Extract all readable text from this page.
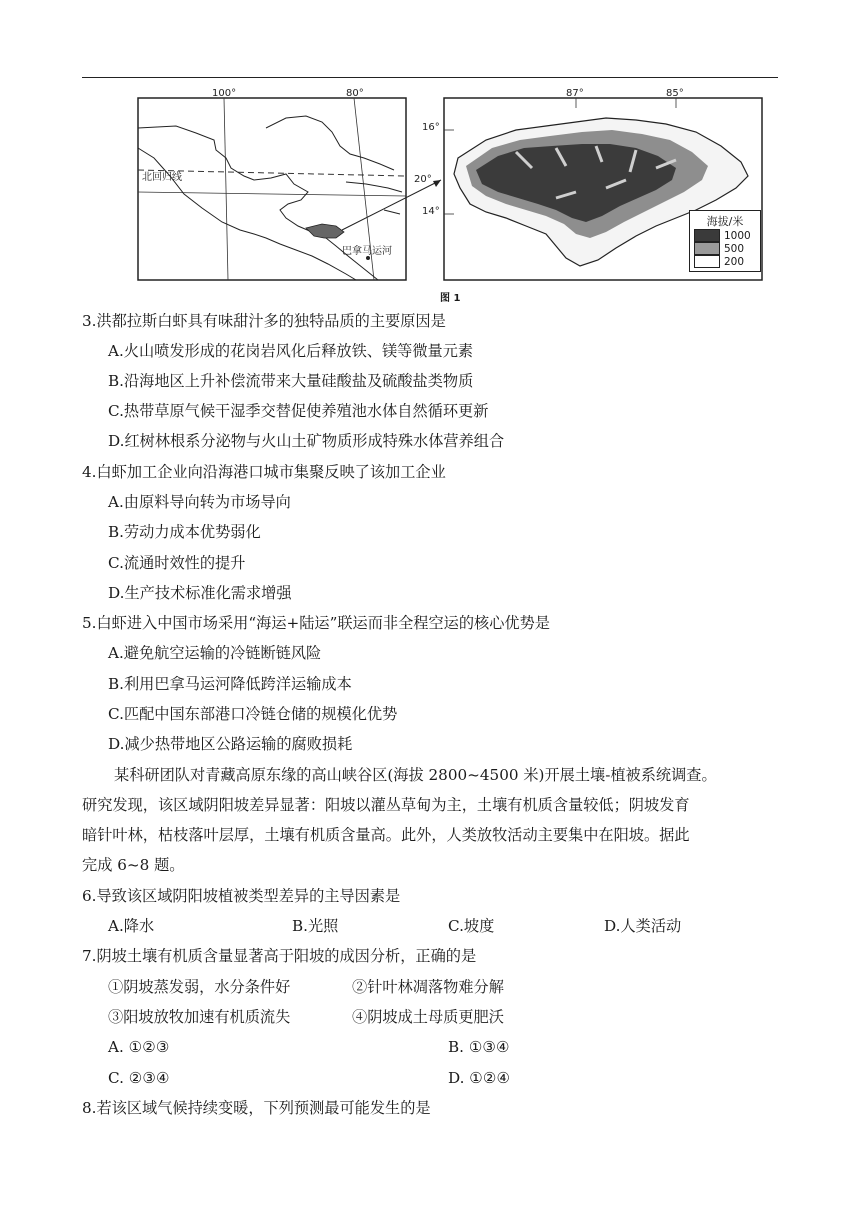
100°	80°
北回归线
巴拿马运河
20°
87°	85°
16°
14°
海拔/米
1000
500
200
图 1
3.洪都拉斯白虾具有味甜汁多的独特品质的主要原因是
A.火山喷发形成的花岗岩风化后释放铁、镁等微量元素
B.沿海地区上升补偿流带来大量硅酸盐及硫酸盐类物质
C.热带草原气候干湿季交替促使养殖池水体自然循环更新
D.红树林根系分泌物与火山土矿物质形成特殊水体营养组合
4.白虾加工企业向沿海港口城市集聚反映了该加工企业
A.由原料导向转为市场导向
B.劳动力成本优势弱化
C.流通时效性的提升
D.生产技术标准化需求增强
5.白虾进入中国市场采用“海运+陆运”联运而非全程空运的核心优势是
A.避免航空运输的冷链断链风险
B.利用巴拿马运河降低跨洋运输成本
C.匹配中国东部港口冷链仓储的规模化优势
D.减少热带地区公路运输的腐败损耗
某科研团队对青藏高原东缘的高山峡谷区(海拔 2800~4500 米)开展土壤-植被系统调查。
研究发现，该区域阴阳坡差异显著：阳坡以灌丛草甸为主，土壤有机质含量较低；阴坡发育
暗针叶林，枯枝落叶层厚，土壤有机质含量高。此外，人类放牧活动主要集中在阳坡。据此
完成 6~8 题。
6.导致该区域阴阳坡植被类型差异的主导因素是
A.降水	B.光照	C.坡度	D.人类活动
7.阴坡土壤有机质含量显著高于阳坡的成因分析，正确的是
①阴坡蒸发弱，水分条件好	②针叶林凋落物难分解
③阳坡放牧加速有机质流失	④阴坡成土母质更肥沃
A. ①②③	B. ①③④
C. ②③④	D. ①②④
8.若该区域气候持续变暖，下列预测最可能发生的是
